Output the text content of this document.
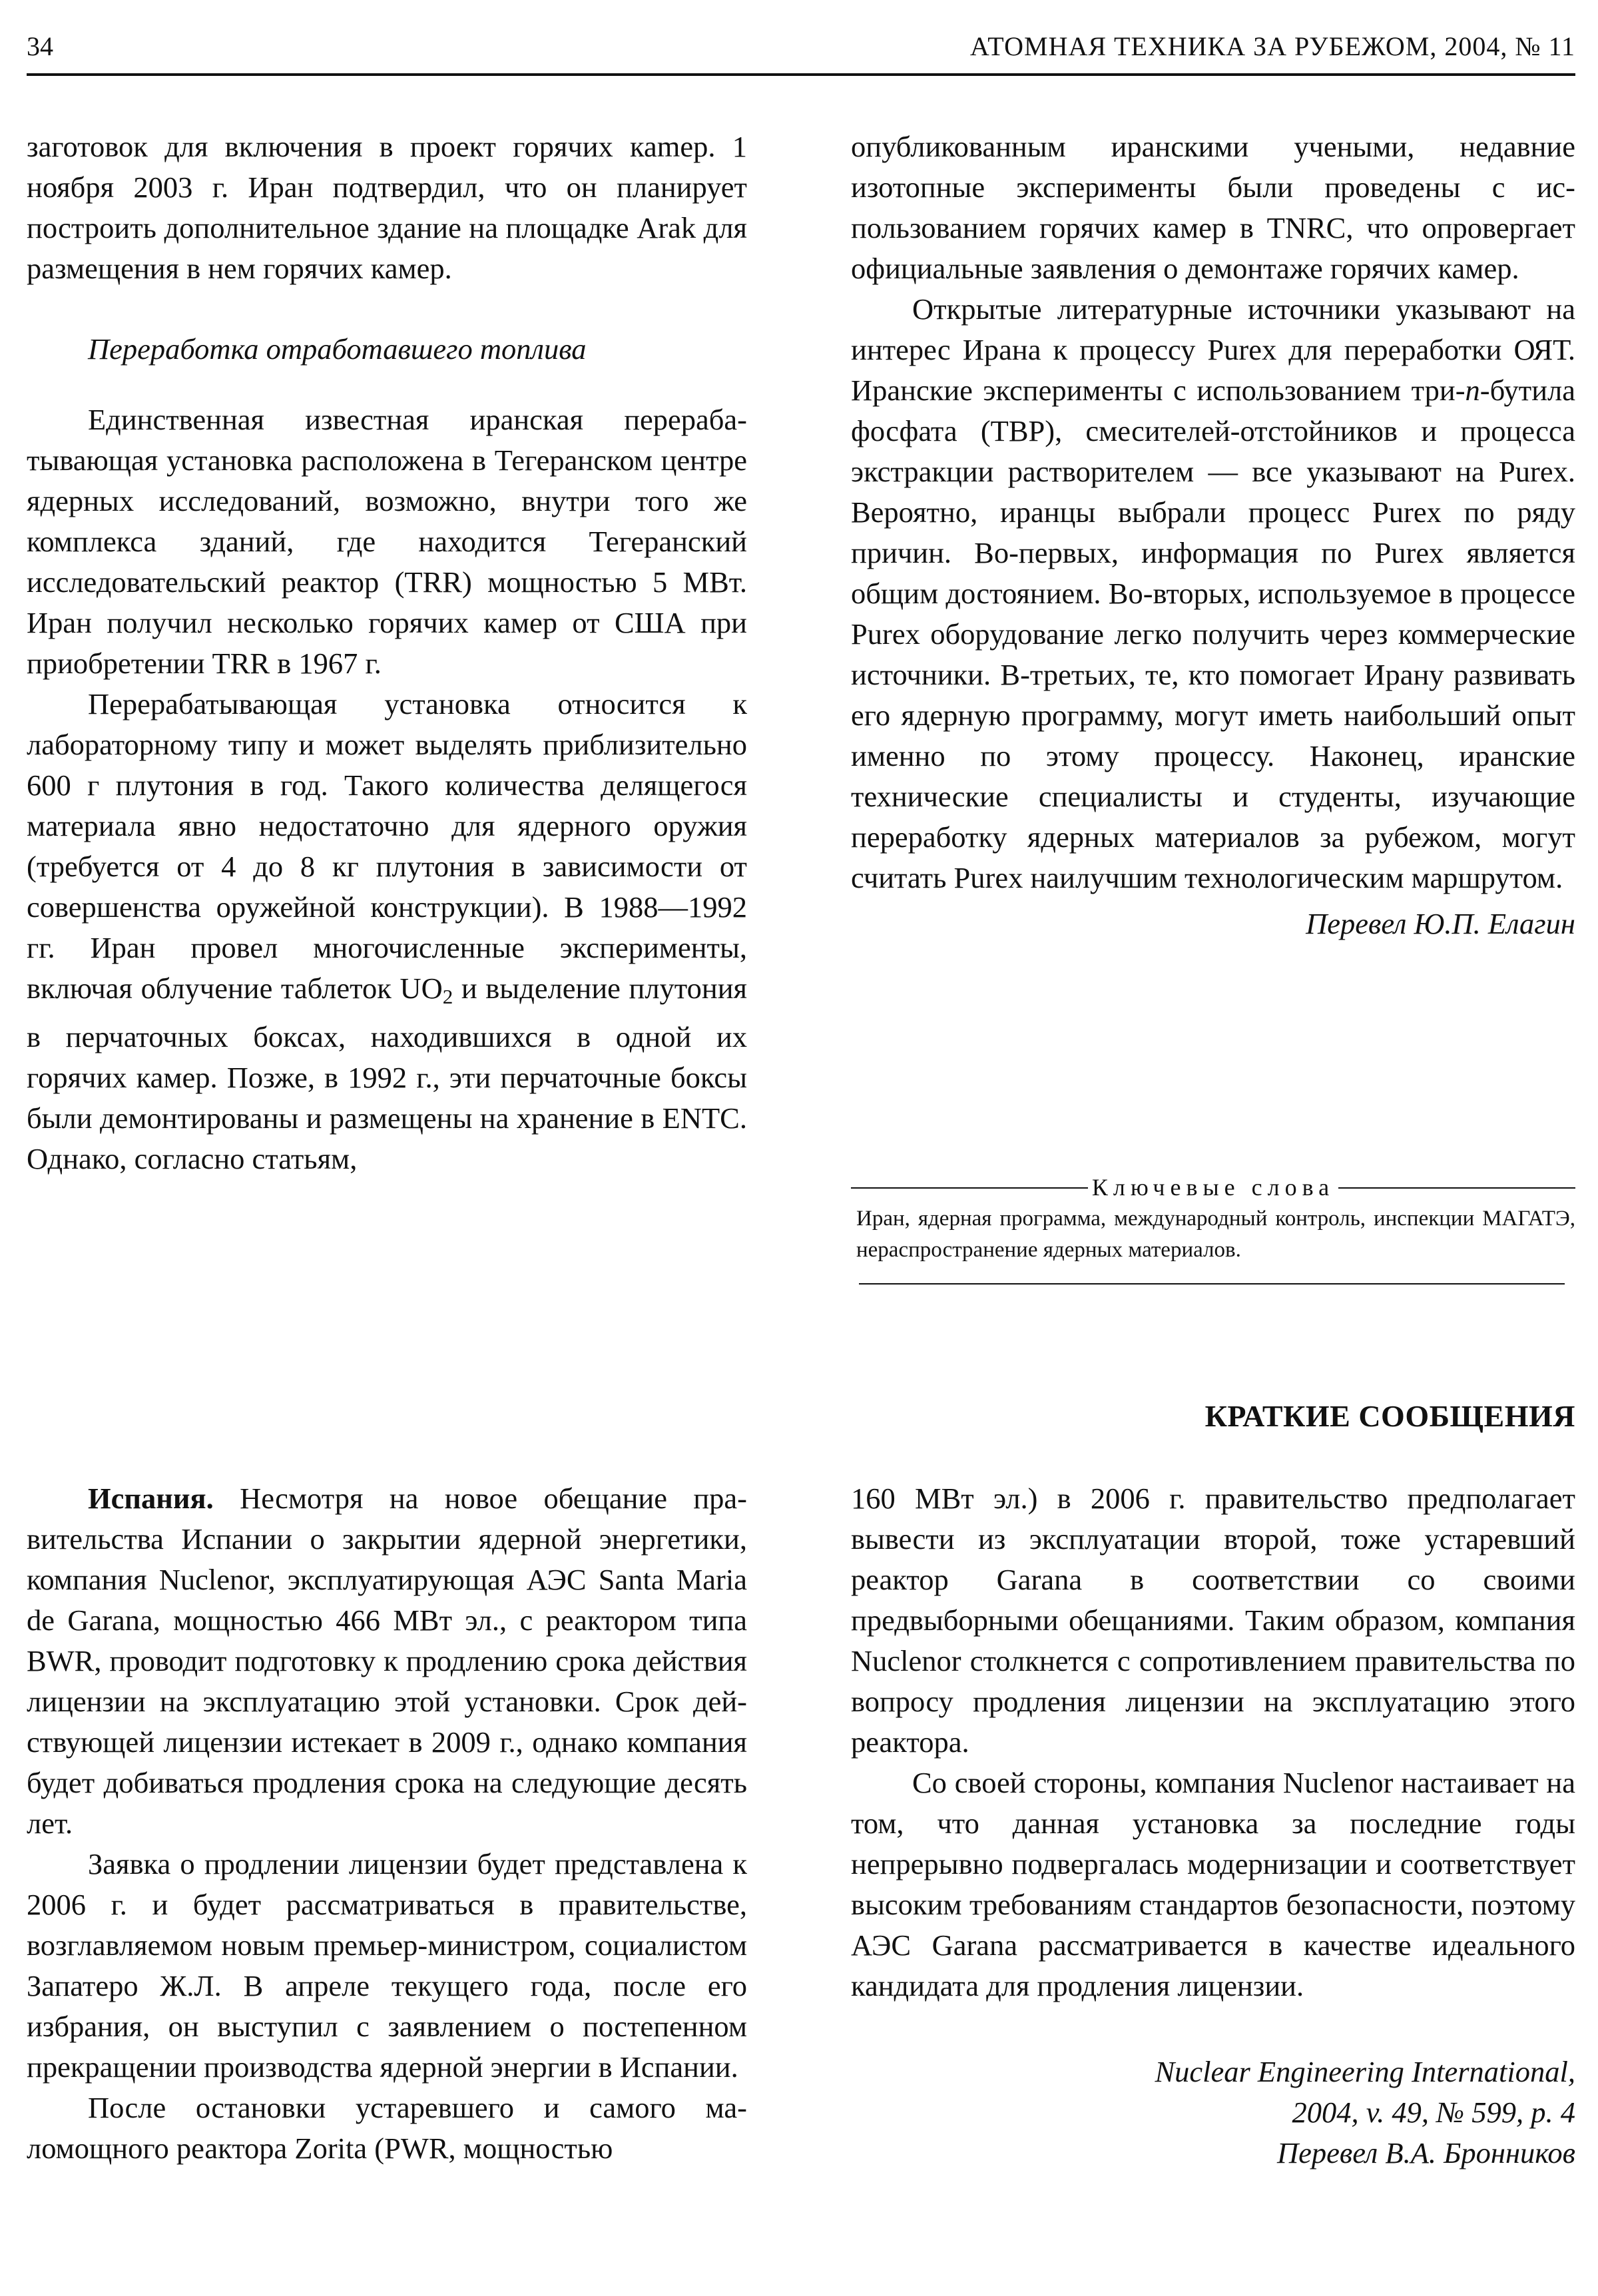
34	АТОМНАЯ ТЕХНИКА ЗА РУБЕЖОМ, 2004, № 11

заготовок для включения в проект горячих каmер. 1 ноября 2003 г. Иран подтвердил, что он планирует построить дополнительное здание на площадке Arak для размещения в нем горячих камер.

Переработка отработавшего топлива

Единственная известная иранская перерабатывающая установка расположена в Тегеранском центре ядерных исследований, возможно, внутри того же комплекса зданий, где находится Тегеранский исследовательский реактор (TRR) мощностью 5 МВт. Иран получил несколько горячих камер от США при приобретении TRR в 1967 г.

Перерабатывающая установка относится к лабораторному типу и может выделять приблизительно 600 г плутония в год. Такого количества делящегося материала явно недостаточно для ядерного оружия (требуется от 4 до 8 кг плутония в зависимости от совершенства оружейной конструкции). В 1988—1992 гг. Иран провел многочисленные эксперименты, включая облучение таблеток $UO_2$ и выделение плутония в перчаточных боксах, находившихся в одной их горячих камер. Позже, в 1992 г., эти перчаточные боксы были демонтированы и размещены на хранение в ENTC. Однако, согласно статьям,

опубликованным иранскими учеными, недавние изотопные эксперименты были проведены с использованием горячих камер в TNRC, что опровергает официальные заявления о демонтаже горячих камер.

Открытые литературные источники указывают на интерес Ирана к процессу Purex для переработки ОЯТ. Иранские эксперименты с использованием три-n-бутила фосфата (TBP), смесителей-отстойников и процесса экстракции растворителем — все указывают на Purex. Вероятно, иранцы выбрали процесс Purex по ряду причин. Во-первых, информация по Purex является общим достоянием. Во-вторых, используемое в процессе Purex оборудование легко получить через коммерческие источники. В-третьих, те, кто помогает Ирану развивать его ядерную программу, могут иметь наибольший опыт именно по этому процессу. Наконец, иранские технические специалисты и студенты, изучающие переработку ядерных материалов за рубежом, могут считать Purex наилучшим технологическим маршрутом.

Перевел Ю.П. Елагин

Ключевые слова
Иран, ядерная программа, международный контроль, инспекции МАГАТЭ, нераспространение ядерных материалов.
КРАТКИЕ СООБЩЕНИЯ

Испания. Несмотря на новое обещание правительства Испании о закрытии ядерной энергетики, компания Nuclenor, эксплуатирующая АЭС Santa Maria de Garana, мощностью 466 МВт эл., с реактором типа BWR, проводит подготовку к продлению срока действия лицензии на эксплуатацию этой установки. Срок действующей лицензии истекает в 2009 г., однако компания будет добиваться продления срока на следующие десять лет.

Заявка о продлении лицензии будет представлена к 2006 г. и будет рассматриваться в правительстве, возглавляемом новым премьер-министром, социалистом Запатеро Ж.Л. В апреле текущего года, после его избрания, он выступил с заявлением о постепенном прекращении производства ядерной энергии в Испании.

После остановки устаревшего и самого маломощного реактора Zorita (PWR, мощностью

160 МВт эл.) в 2006 г. правительство предполагает вывести из эксплуатации второй, тоже устаревший реактор Garana в соответствии со своими предвыборными обещаниями. Таким образом, компания Nuclenor столкнется с сопротивлением правительства по вопросу продления лицензии на эксплуатацию этого реактора.

Со своей стороны, компания Nuclenor настаивает на том, что данная установка за последние годы непрерывно подвергалась модернизации и соответствует высоким требованиям стандартов безопасности, поэтому АЭС Garana рассматривается в качестве идеального кандидата для продления лицензии.

Nuclear Engineering International,

2004, v. 49, № 599, p. 4

Перевел В.А. Бронников
